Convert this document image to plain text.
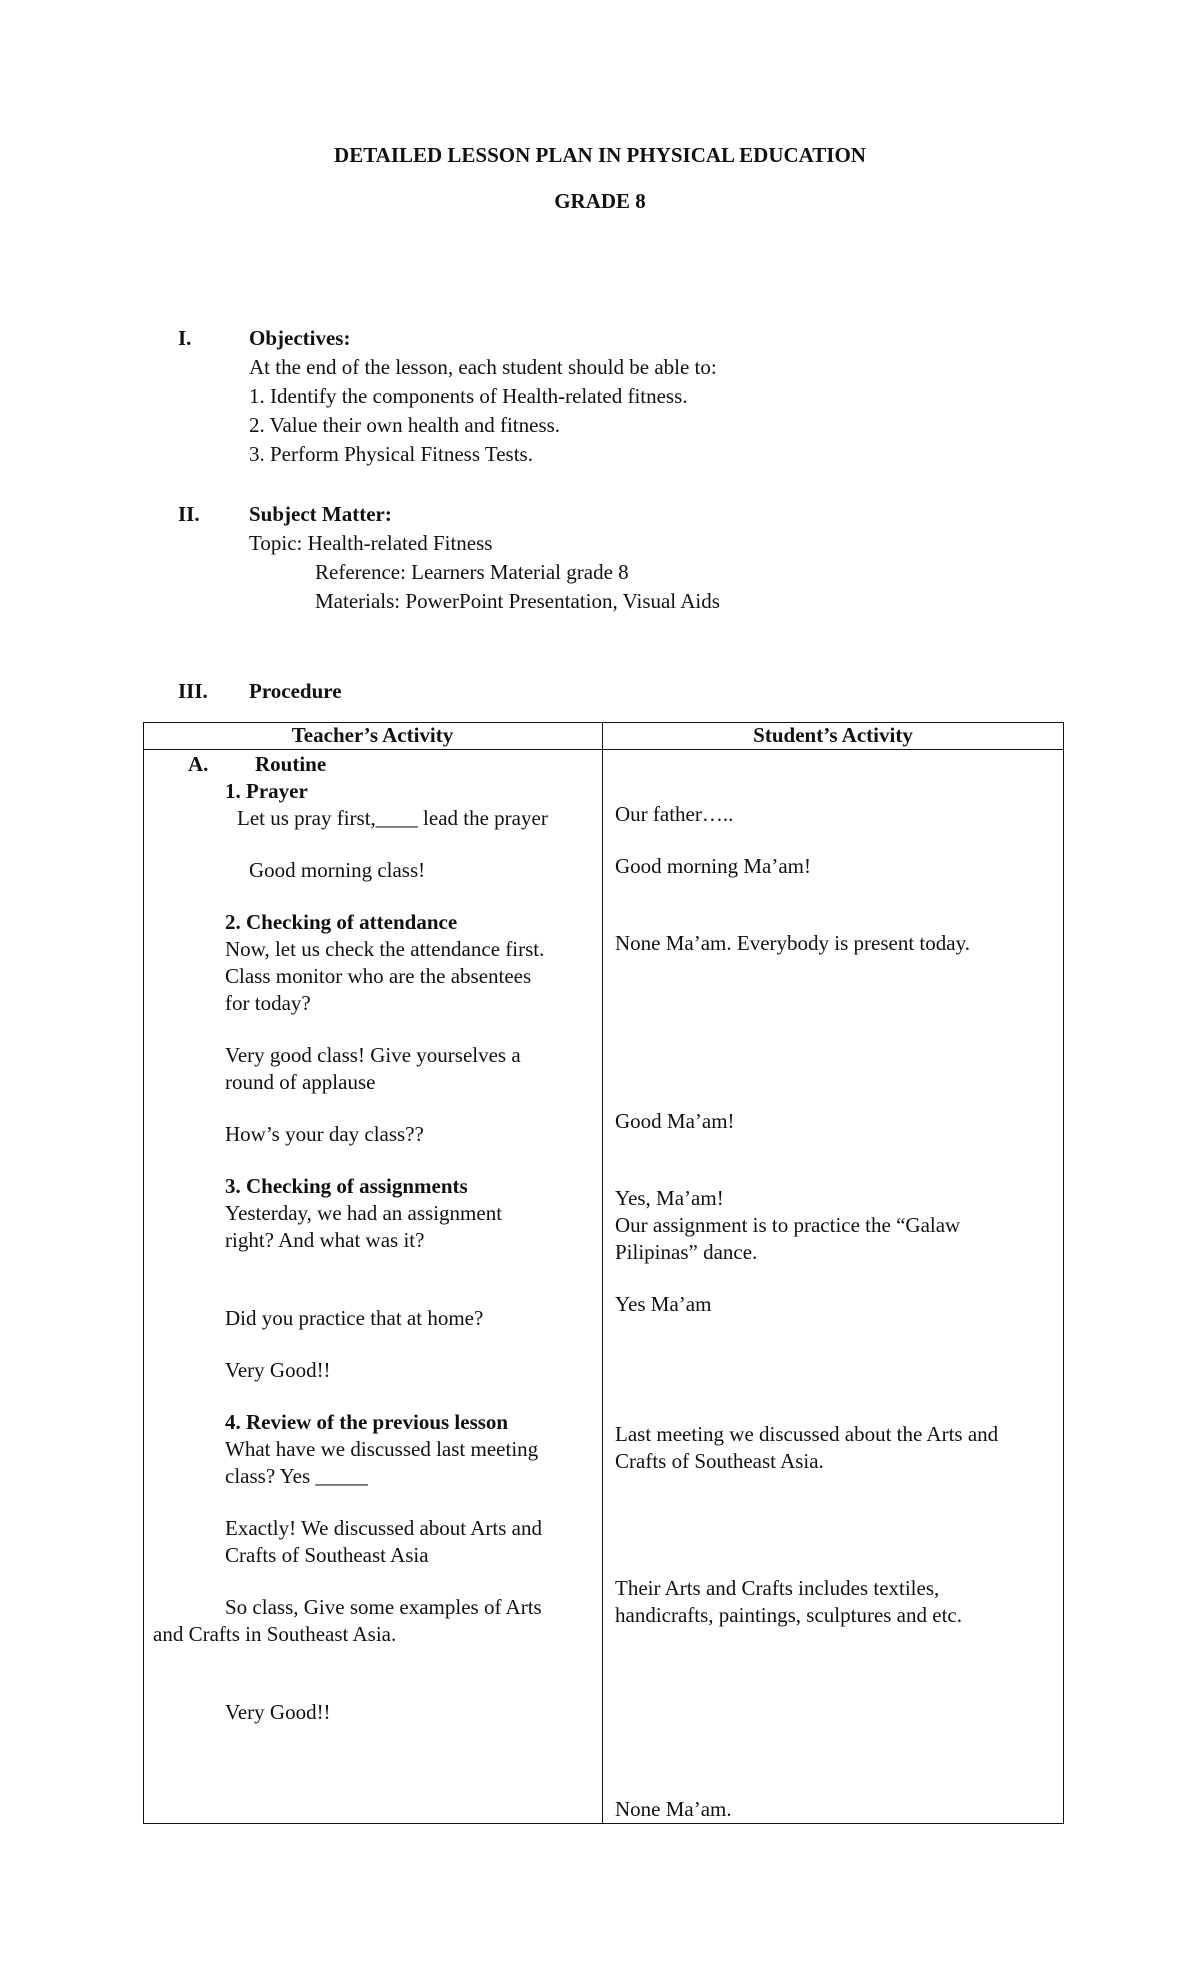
DETAILED LESSON PLAN IN PHYSICAL EDUCATION
GRADE 8
I.	Objectives:
At the end of the lesson, each student should be able to:
1. Identify the components of Health-related fitness.
2. Value their own health and fitness.
3. Perform Physical Fitness Tests.
II. Subject Matter:
Topic: Health-related Fitness
Reference: Learners Material grade 8
Materials: PowerPoint Presentation, Visual Aids
III. Procedure
Teacher’s Activity	Student’s Activity
A. Routine
1. Prayer
Let us pray first,____ lead the prayer
Good morning class!
2. Checking of attendance
Now, let us check the attendance first.
Class monitor who are the absentees
for today?
Very good class! Give yourselves a
round of applause
How’s your day class??
3. Checking of assignments
Yesterday, we had an assignment
right? And what was it?
Did you practice that at home?
Very Good!!
4. Review of the previous lesson
What have we discussed last meeting
class? Yes _____
Exactly! We discussed about Arts and
Crafts of Southeast Asia
So class, Give some examples of Arts
and Crafts in Southeast Asia.
Very Good!!
Our father…..
Good morning Ma’am!
None Ma’am. Everybody is present today.
Good Ma’am!
Yes, Ma’am!
Our assignment is to practice the “Galaw
Pilipinas” dance.
Yes Ma’am
Last meeting we discussed about the Arts and
Crafts of Southeast Asia.
Their Arts and Crafts includes textiles,
handicrafts, paintings, sculptures and etc.
None Ma’am.
